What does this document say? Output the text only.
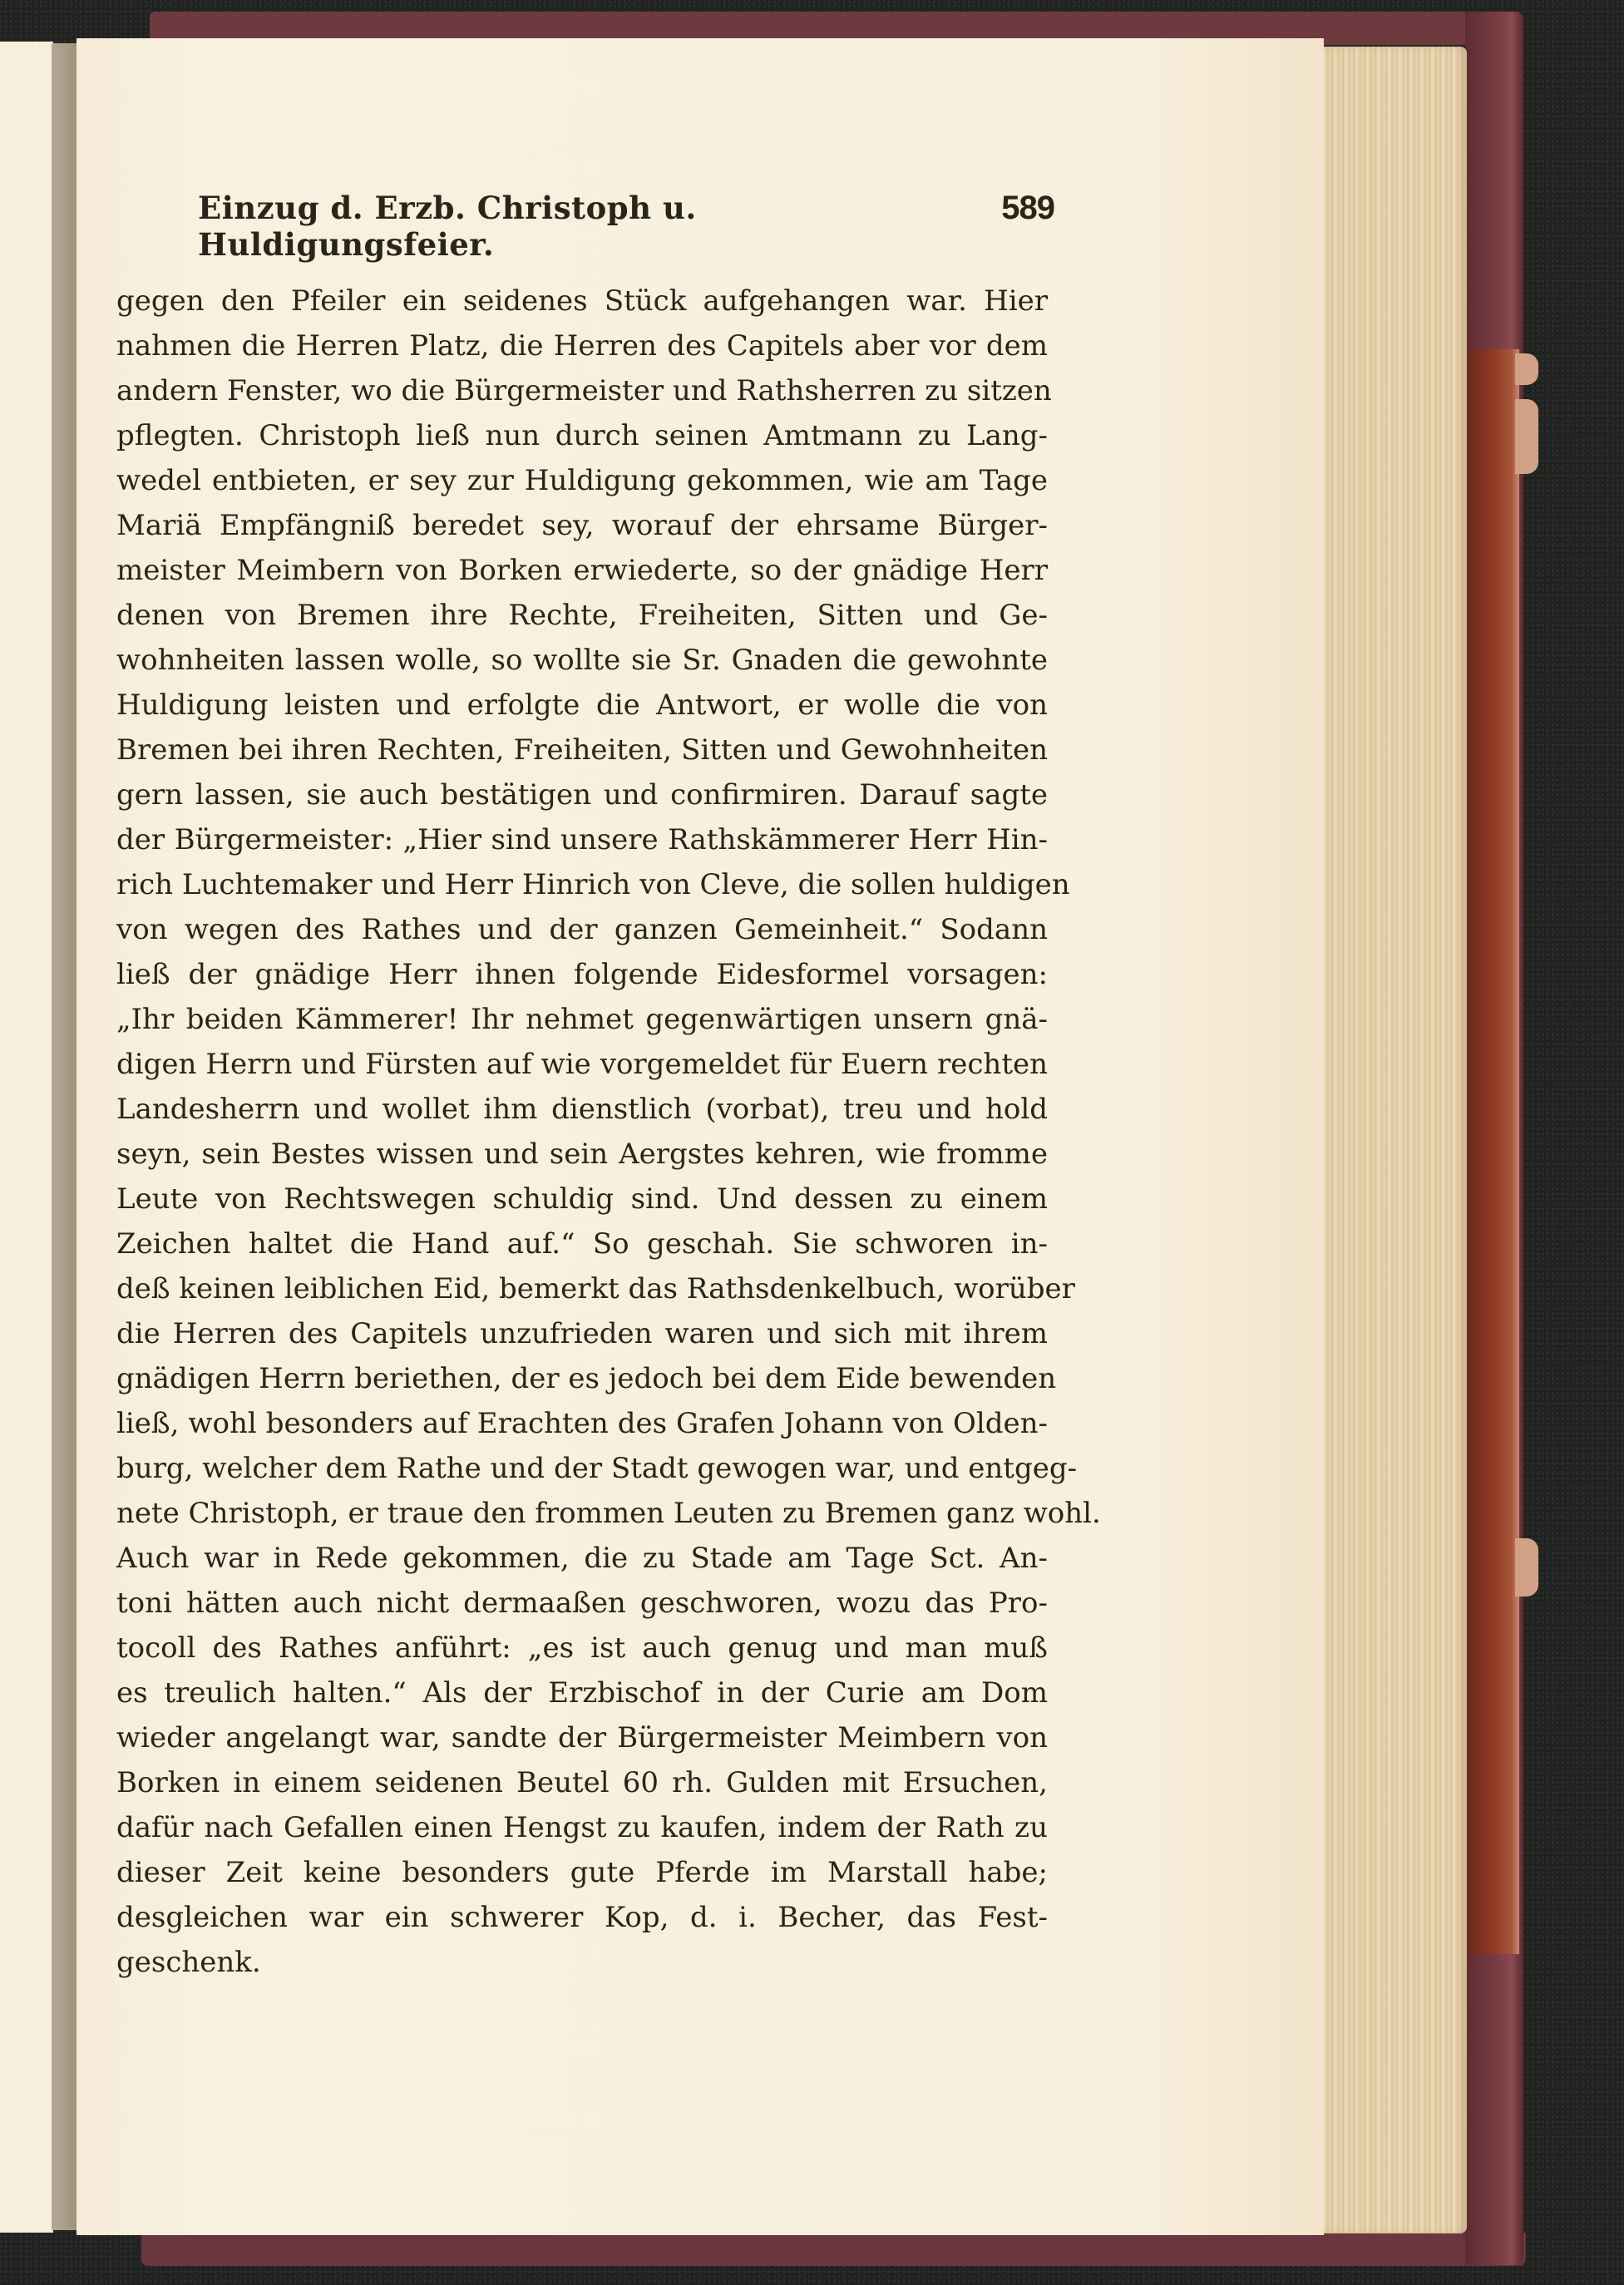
Einzug d. Erzb. Christoph u. Huldigungsfeier.
589
gegen den Pfeiler ein seidenes Stück aufgehangen war. Hier
nahmen die Herren Platz, die Herren des Capitels aber vor dem
andern Fenster, wo die Bürgermeister und Rathsherren zu sitzen
pflegten. Christoph ließ nun durch seinen Amtmann zu Lang-
wedel entbieten, er sey zur Huldigung gekommen, wie am Tage
Mariä Empfängniß beredet sey, worauf der ehrsame Bürger-
meister Meimbern von Borken erwiederte, so der gnädige Herr
denen von Bremen ihre Rechte, Freiheiten, Sitten und Ge-
wohnheiten lassen wolle, so wollte sie Sr. Gnaden die gewohnte
Huldigung leisten und erfolgte die Antwort, er wolle die von
Bremen bei ihren Rechten, Freiheiten, Sitten und Gewohnheiten
gern lassen, sie auch bestätigen und confirmiren. Darauf sagte
der Bürgermeister: „Hier sind unsere Rathskämmerer Herr Hin-
rich Luchtemaker und Herr Hinrich von Cleve, die sollen huldigen
von wegen des Rathes und der ganzen Gemeinheit.“ Sodann
ließ der gnädige Herr ihnen folgende Eidesformel vorsagen:
„Ihr beiden Kämmerer! Ihr nehmet gegenwärtigen unsern gnä-
digen Herrn und Fürsten auf wie vorgemeldet für Euern rechten
Landesherrn und wollet ihm dienstlich (vorbat), treu und hold
seyn, sein Bestes wissen und sein Aergstes kehren, wie fromme
Leute von Rechtswegen schuldig sind. Und dessen zu einem
Zeichen haltet die Hand auf.“ So geschah. Sie schworen in-
deß keinen leiblichen Eid, bemerkt das Rathsdenkelbuch, worüber
die Herren des Capitels unzufrieden waren und sich mit ihrem
gnädigen Herrn beriethen, der es jedoch bei dem Eide bewenden
ließ, wohl besonders auf Erachten des Grafen Johann von Olden-
burg, welcher dem Rathe und der Stadt gewogen war, und entgeg-
nete Christoph, er traue den frommen Leuten zu Bremen ganz wohl.
Auch war in Rede gekommen, die zu Stade am Tage Sct. An-
toni hätten auch nicht dermaaßen geschworen, wozu das Pro-
tocoll des Rathes anführt: „es ist auch genug und man muß
es treulich halten.“ Als der Erzbischof in der Curie am Dom
wieder angelangt war, sandte der Bürgermeister Meimbern von
Borken in einem seidenen Beutel 60 rh. Gulden mit Ersuchen,
dafür nach Gefallen einen Hengst zu kaufen, indem der Rath zu
dieser Zeit keine besonders gute Pferde im Marstall habe;
desgleichen war ein schwerer Kop, d. i. Becher, das Fest-
geschenk.
